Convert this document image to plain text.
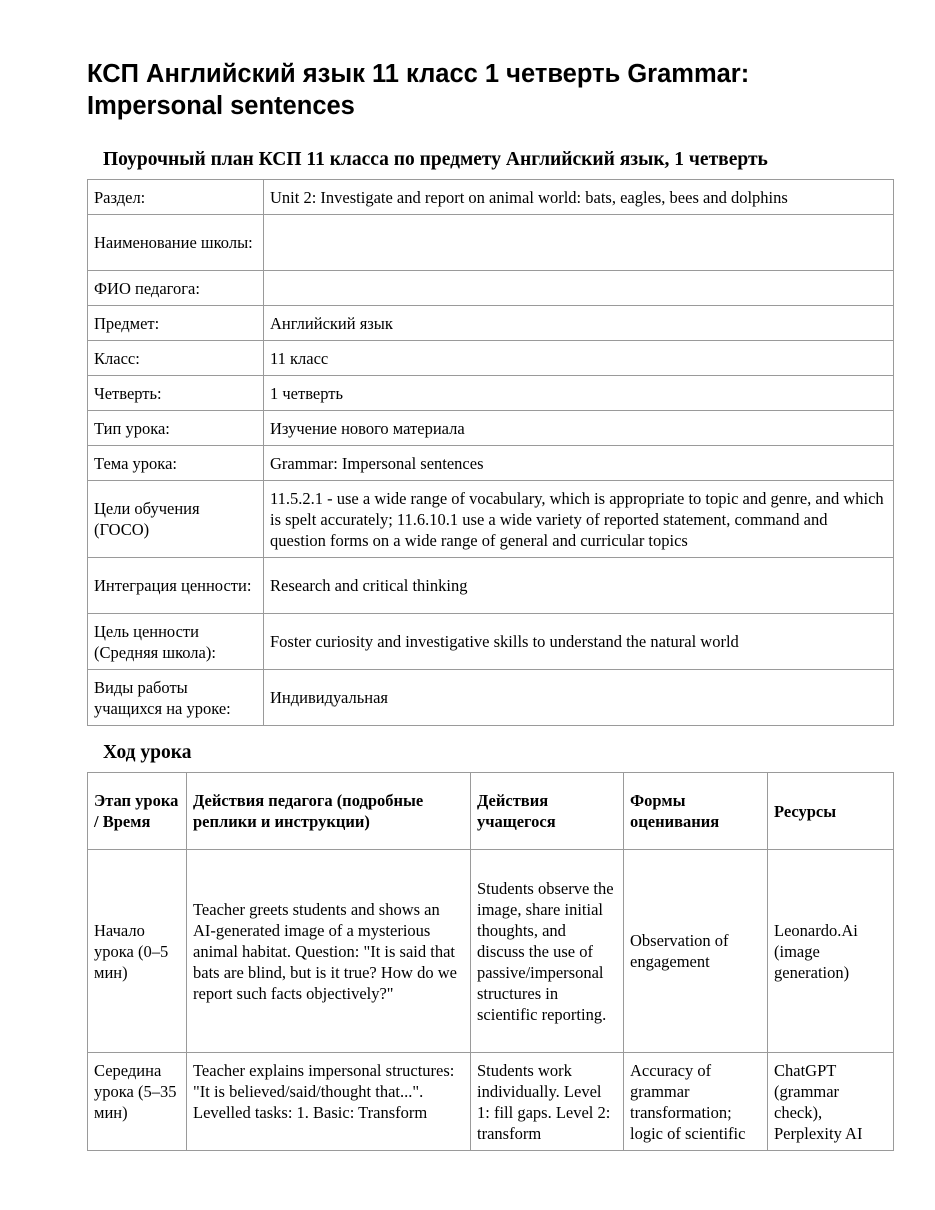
КСП Английский язык 11 класс 1 четверть Grammar: Impersonal sentences
Поурочный план КСП 11 класса по предмету Английский язык, 1 четверть
Раздел:	Unit 2: Investigate and report on animal world: bats, eagles, bees and dolphins
Наименование школы:	
ФИО педагога:	
Предмет:	Английский язык
Класс:	11 класс
Четверть:	1 четверть
Тип урока:	Изучение нового материала
Тема урока:	Grammar: Impersonal sentences
Цели обучения (ГОСО)	11.5.2.1 - use a wide range of vocabulary, which is appropriate to topic and genre, and which is spelt accurately; 11.6.10.1 use a wide variety of reported statement, command and question forms on a wide range of general and curricular topics
Интеграция ценности:	Research and critical thinking
Цель ценности (Средняя школа):	Foster curiosity and investigative skills to understand the natural world
Виды работы учащихся на уроке:	Индивидуальная
Ход урока
Этап урока / Время	Действия педагога (подробные реплики и инструкции)	Действия учащегося	Формы оценивания	Ресурсы
Начало урока (0–5 мин)	Teacher greets students and shows an AI-generated image of a mysterious animal habitat. Question: "It is said that bats are blind, but is it true? How do we report such facts objectively?"	Students observe the image, share initial thoughts, and discuss the use of passive/impersonal structures in scientific reporting.	Observation of engagement	Leonardo.Ai (image generation)
Середина урока (5–35 мин)	Teacher explains impersonal structures: "It is believed/said/thought that...". Levelled tasks: 1. Basic: Transform	Students work individually. Level 1: fill gaps. Level 2: transform	Accuracy of grammar transformation; logic of scientific	ChatGPT (grammar check), Perplexity AI
